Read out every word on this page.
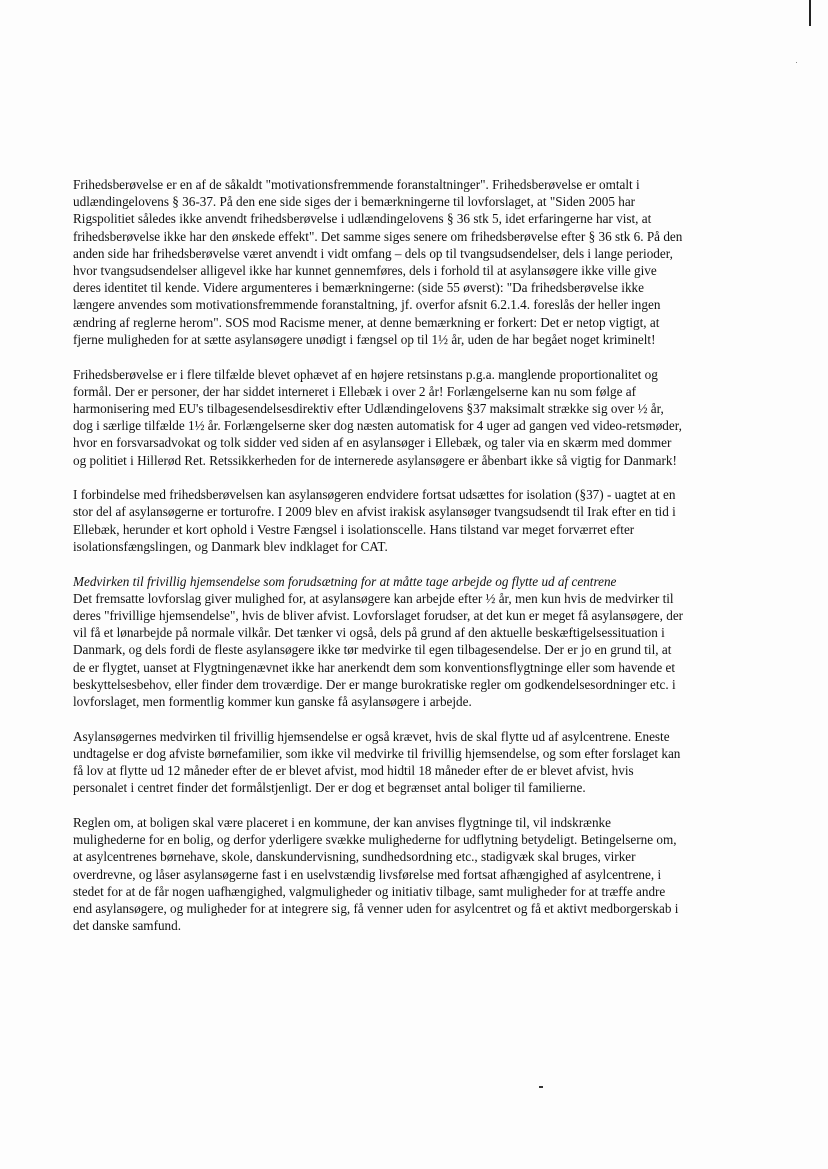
Frihedsberøvelse er en af de såkaldt "motivationsfremmende foranstaltninger". Frihedsberøvelse er omtalt i udlændingelovens § 36-37. På den ene side siges der i bemærkningerne til lovforslaget, at "Siden 2005 har Rigspolitiet således ikke anvendt frihedsberøvelse i udlændingelovens § 36 stk 5, idet erfaringerne har vist, at frihedsberøvelse ikke har den ønskede effekt". Det samme siges senere om frihedsberøvelse efter § 36 stk 6. På den anden side har frihedsberøvelse været anvendt i vidt omfang – dels op til tvangsudsendelser, dels i lange perioder, hvor tvangsudsendelser alligevel ikke har kunnet gennemføres, dels i forhold til at asylansøgere ikke ville give deres identitet til kende. Videre argumenteres i bemærkningerne: (side 55 øverst): "Da frihedsberøvelse ikke længere anvendes som motivationsfremmende foranstaltning, jf. overfor afsnit 6.2.1.4. foreslås der heller ingen ændring af reglerne herom". SOS mod Racisme mener, at denne bemærkning er forkert: Det er netop vigtigt, at fjerne muligheden for at sætte asylansøgere unødigt i fængsel op til 1½ år, uden de har begået noget kriminelt!

Frihedsberøvelse er i flere tilfælde blevet ophævet af en højere retsinstans p.g.a. manglende proportionalitet og formål. Der er personer, der har siddet interneret i Ellebæk i over 2 år! Forlængelserne kan nu som følge af harmonisering med EU's tilbagesendelsesdirektiv efter Udlændingelovens §37 maksimalt strække sig over ½ år, dog i særlige tilfælde 1½ år. Forlængelserne sker dog næsten automatisk for 4 uger ad gangen ved video-retsmøder, hvor en forsvarsadvokat og tolk sidder ved siden af en asylansøger i Ellebæk, og taler via en skærm med dommer og politiet i Hillerød Ret. Retssikkerheden for de internerede asylansøgere er åbenbart ikke så vigtig for Danmark!

I forbindelse med frihedsberøvelsen kan asylansøgeren endvidere fortsat udsættes for isolation (§37) - uagtet at en stor del af asylansøgerne er torturofre. I 2009 blev en afvist irakisk asylansøger tvangsudsendt til Irak efter en tid i Ellebæk, herunder et kort ophold i Vestre Fængsel i isolationscelle. Hans tilstand var meget forværret efter isolationsfængslingen, og Danmark blev indklaget for CAT.

Medvirken til frivillig hjemsendelse som forudsætning for at måtte tage arbejde og flytte ud af centrene
Det fremsatte lovforslag giver mulighed for, at asylansøgere kan arbejde efter ½ år, men kun hvis de medvirker til deres "frivillige hjemsendelse", hvis de bliver afvist. Lovforslaget forudser, at det kun er meget få asylansøgere, der vil få et lønarbejde på normale vilkår. Det tænker vi også, dels på grund af den aktuelle beskæftigelsessituation i Danmark, og dels fordi de fleste asylansøgere ikke tør medvirke til egen tilbagesendelse. Der er jo en grund til, at de er flygtet, uanset at Flygtningenævnet ikke har anerkendt dem som konventionsflygtninge eller som havende et beskyttelsesbehov, eller finder dem troværdige. Der er mange burokratiske regler om godkendelsesordninger etc. i lovforslaget, men formentlig kommer kun ganske få asylansøgere i arbejde.

Asylansøgernes medvirken til frivillig hjemsendelse er også krævet, hvis de skal flytte ud af asylcentrene. Eneste undtagelse er dog afviste børnefamilier, som ikke vil medvirke til frivillig hjemsendelse, og som efter forslaget kan få lov at flytte ud 12 måneder efter de er blevet afvist, mod hidtil 18 måneder efter de er blevet afvist, hvis personalet i centret finder det formålstjenligt. Der er dog et begrænset antal boliger til familierne.

Reglen om, at boligen skal være placeret i en kommune, der kan anvises flygtninge til, vil indskrænke mulighederne for en bolig, og derfor yderligere svække mulighederne for udflytning betydeligt. Betingelserne om, at asylcentrenes børnehave, skole, danskundervisning, sundhedsordning etc., stadigvæk skal bruges, virker overdrevne, og låser asylansøgerne fast i en uselvstændig livsførelse med fortsat afhængighed af asylcentrene, i stedet for at de får nogen uafhængighed, valgmuligheder og initiativ tilbage, samt muligheder for at træffe andre end asylansøgere, og muligheder for at integrere sig, få venner uden for asylcentret og få et aktivt medborgerskab i det danske samfund.
